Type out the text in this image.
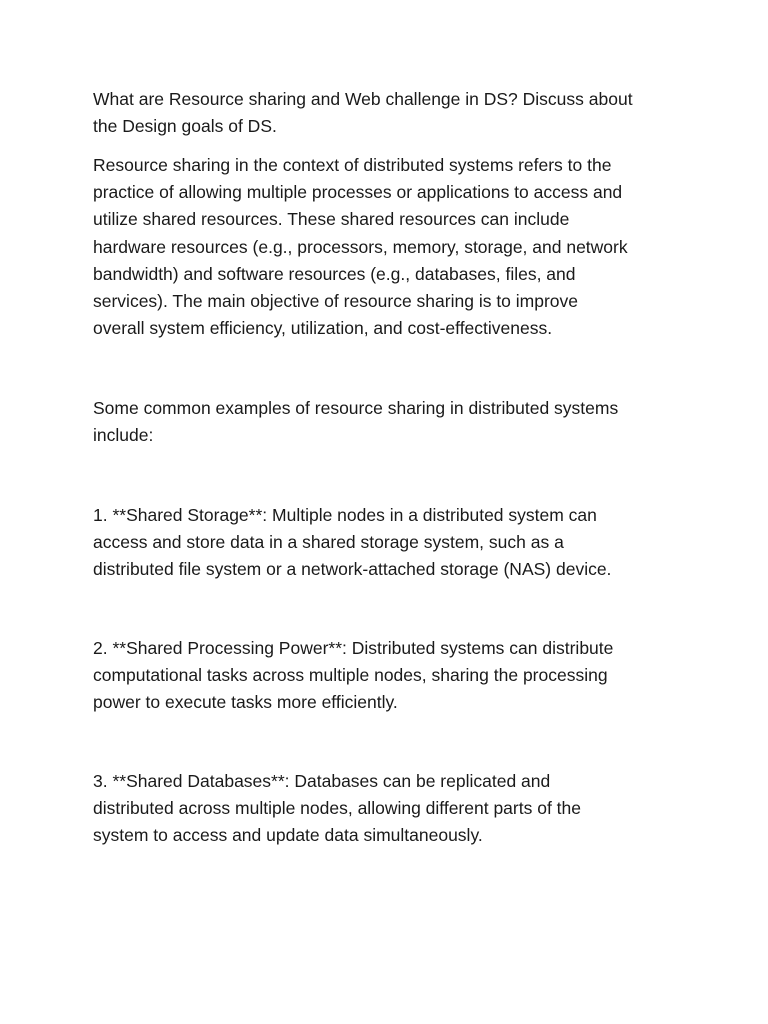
What are Resource sharing and Web challenge in DS? Discuss about
the Design goals of DS.

Resource sharing in the context of distributed systems refers to the
practice of allowing multiple processes or applications to access and
utilize shared resources. These shared resources can include
hardware resources (e.g., processors, memory, storage, and network
bandwidth) and software resources (e.g., databases, files, and
services). The main objective of resource sharing is to improve
overall system efficiency, utilization, and cost-effectiveness.

Some common examples of resource sharing in distributed systems
include:

1. **Shared Storage**: Multiple nodes in a distributed system can
access and store data in a shared storage system, such as a
distributed file system or a network-attached storage (NAS) device.

2. **Shared Processing Power**: Distributed systems can distribute
computational tasks across multiple nodes, sharing the processing
power to execute tasks more efficiently.

3. **Shared Databases**: Databases can be replicated and
distributed across multiple nodes, allowing different parts of the
system to access and update data simultaneously.
